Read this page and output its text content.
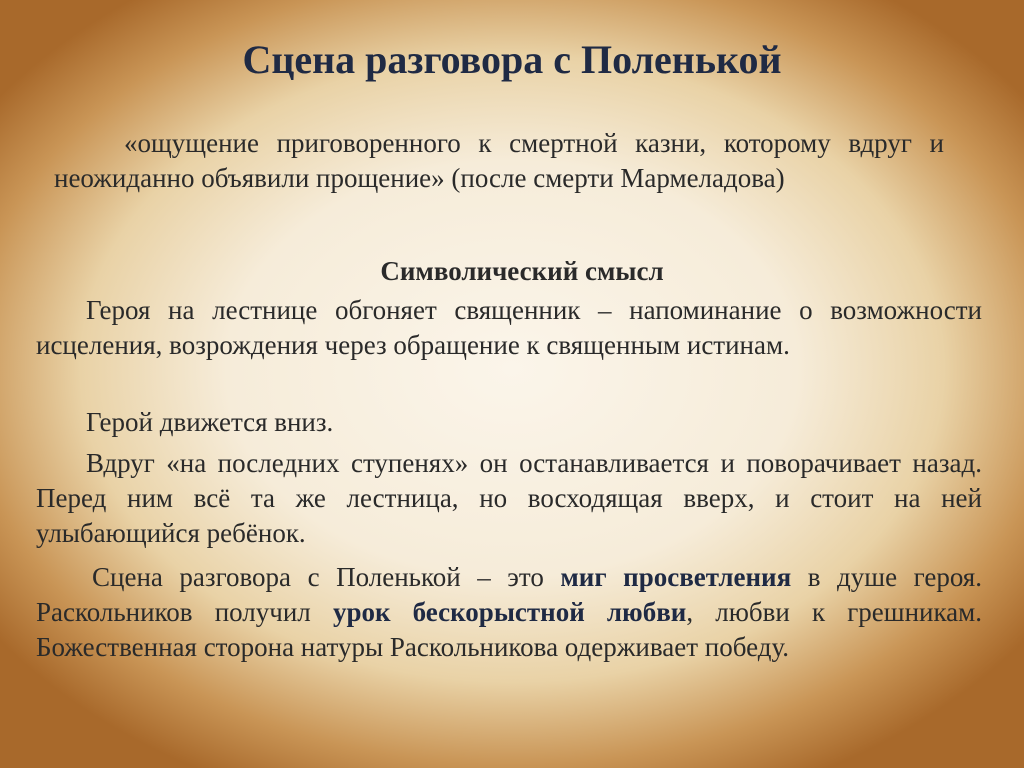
Сцена разговора с Поленькой

«ощущение приговоренного к смертной казни, которому вдруг и неожиданно объявили прощение» (после смерти Мармеладова)

Символический смысл

Героя на лестнице обгоняет священник – напоминание о возможности исцеления, возрождения через обращение к священным истинам.

Герой движется вниз.

Вдруг «на последних ступенях» он останавливается и поворачивает назад. Перед ним всё та же лестница, но восходящая вверх, и стоит на ней улыбающийся ребёнок.

Сцена разговора с Поленькой – это миг просветления в душе героя. Раскольников получил урок бескорыстной любви, любви к грешникам. Божественная сторона натуры Раскольникова одерживает победу.
